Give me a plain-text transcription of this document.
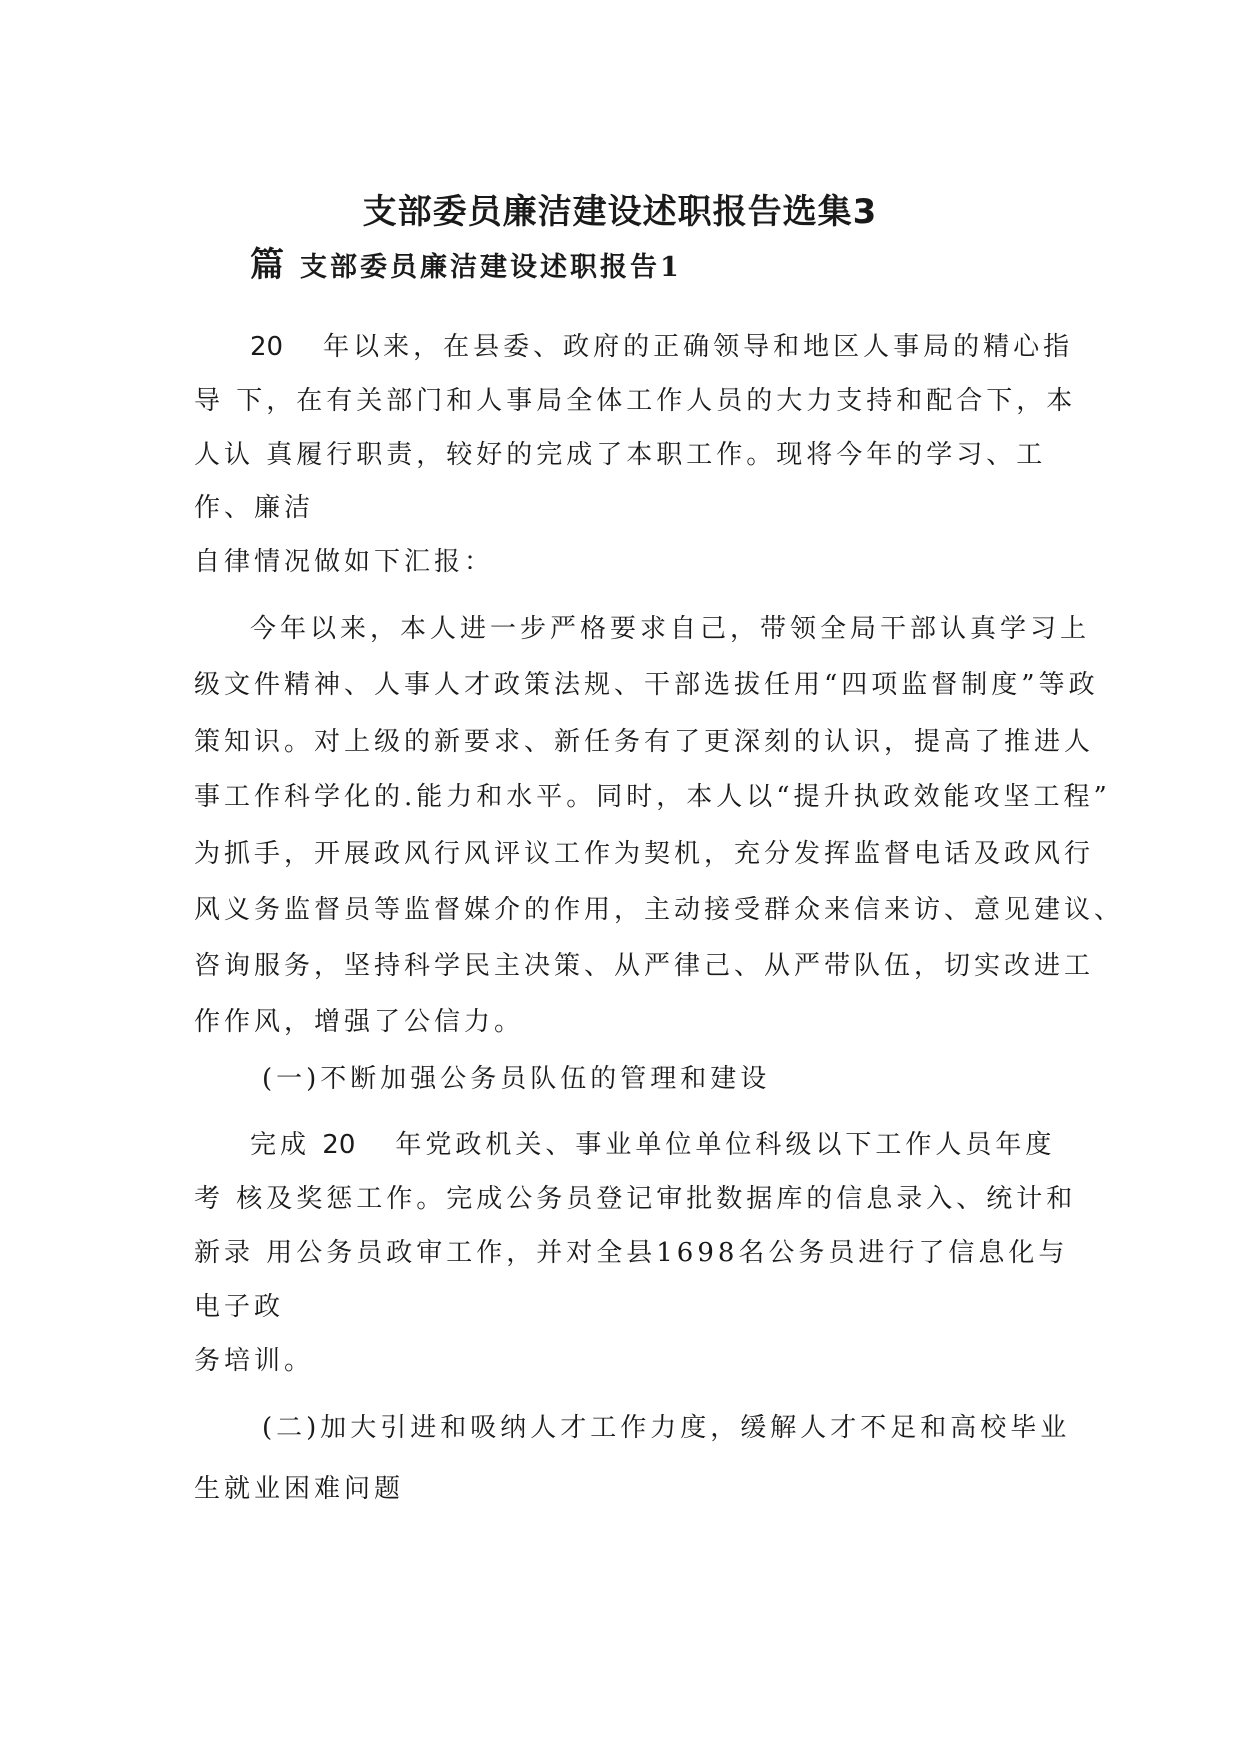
支部委员廉洁建设述职报告选集3
篇 支部委员廉洁建设述职报告1
20 年以来，在县委、政府的正确领导和地区人事局的精心指
导 下，在有关部门和人事局全体工作人员的大力支持和配合下，本
人认 真履行职责，较好的完成了本职工作。现将今年的学习、工
作、廉洁
自律情况做如下汇报：
今年以来，本人进一步严格要求自己，带领全局干部认真学习上
级文件精神、人事人才政策法规、干部选拔任用“四项监督制度”等政
策知识。对上级的新要求、新任务有了更深刻的认识，提高了推进人
事工作科学化的.能力和水平。同时，本人以“提升执政效能攻坚工程”
为抓手，开展政风行风评议工作为契机，充分发挥监督电话及政风行
风义务监督员等监督媒介的作用，主动接受群众来信来访、意见建议、
咨询服务，坚持科学民主决策、从严律己、从严带队伍，切实改进工
作作风，增强了公信力。
(一)不断加强公务员队伍的管理和建设
完成 20 年党政机关、事业单位单位科级以下工作人员年度
考 核及奖惩工作。完成公务员登记审批数据库的信息录入、统计和
新录 用公务员政审工作，并对全县1698名公务员进行了信息化与
电子政
务培训。
(二)加大引进和吸纳人才工作力度，缓解人才不足和高校毕业
生就业困难问题
